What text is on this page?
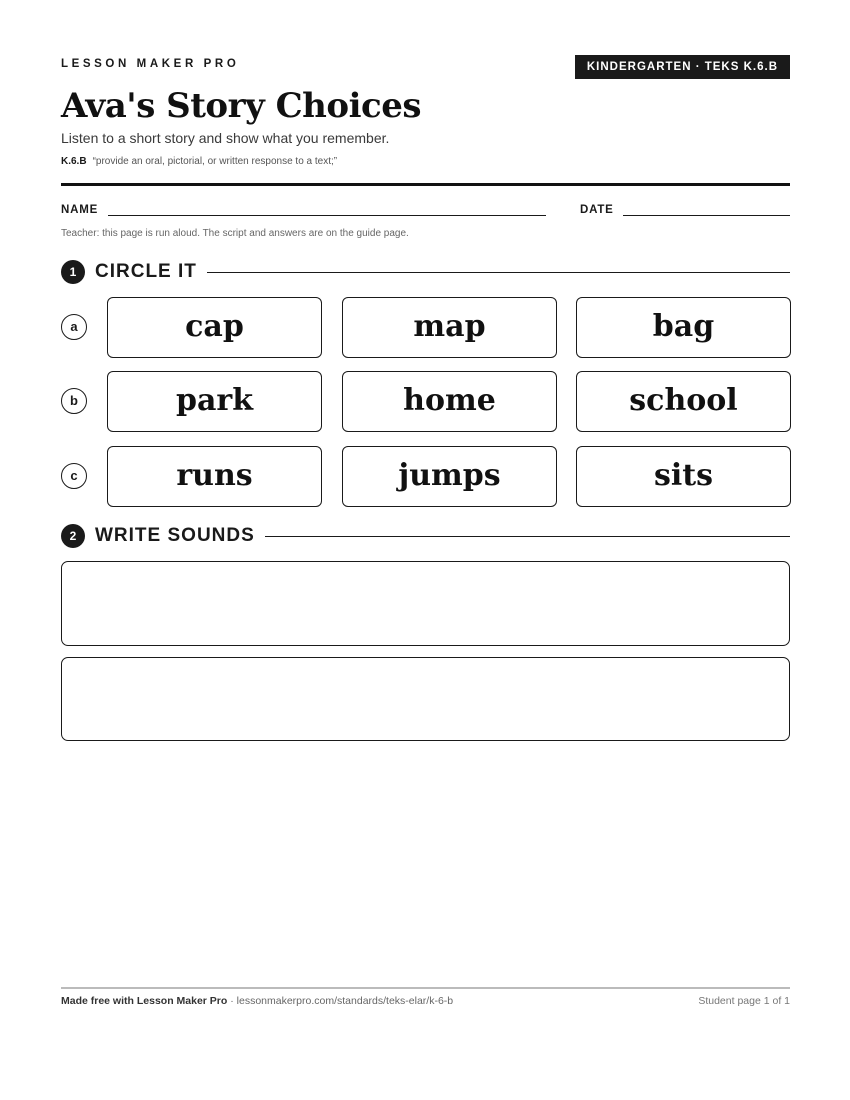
LESSON MAKER PRO	KINDERGARTEN · TEKS K.6.B
Ava's Story Choices
Listen to a short story and show what you remember.
K.6.B “provide an oral, pictorial, or written response to a text;”
NAME	DATE
Teacher: this page is run aloud. The script and answers are on the guide page.
1 CIRCLE IT
a	cap	map	bag
b	park	home	school
c	runs	jumps	sits
2 WRITE SOUNDS
Made free with Lesson Maker Pro · lessonmakerpro.com/standards/teks-elar/k-6-b	Student page 1 of 1
